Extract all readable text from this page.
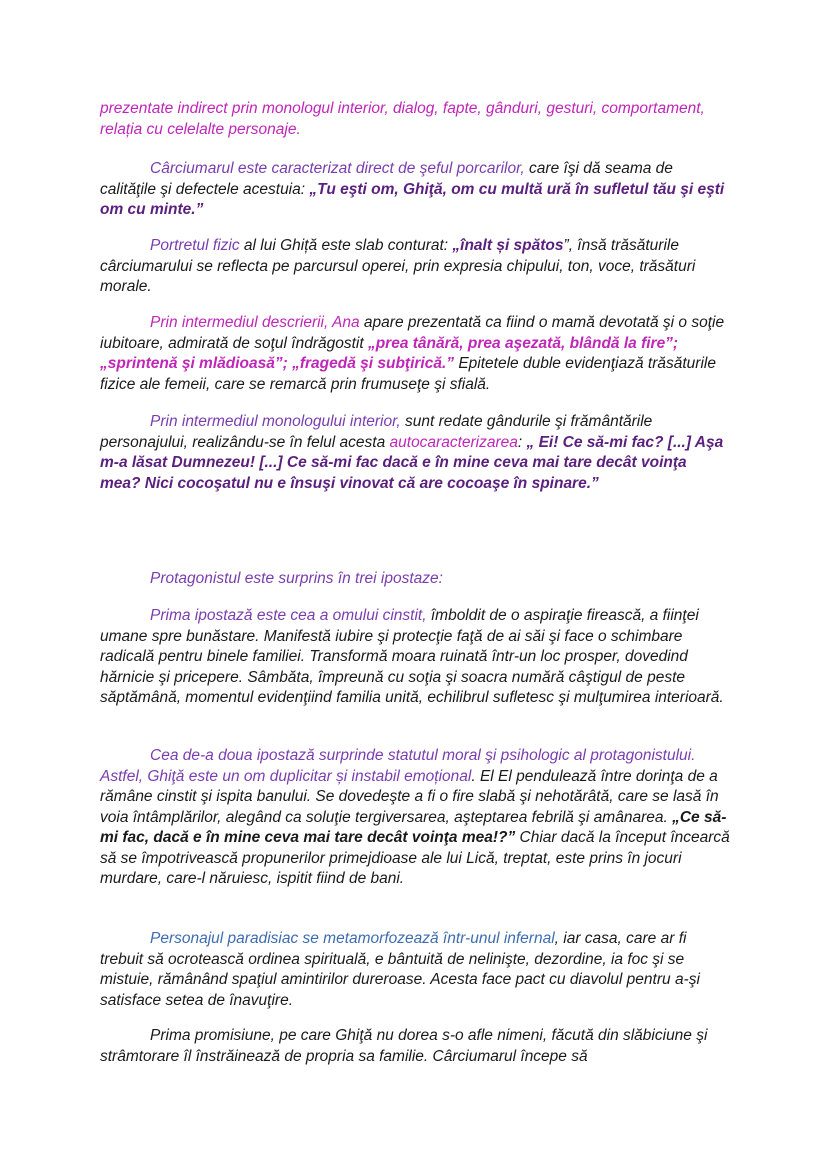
prezentate indirect prin monologul interior, dialog, fapte, gânduri, gesturi, comportament, relația cu celelalte personaje.

Cârciumarul este caracterizat direct de şeful porcarilor, care îşi dă seama de calităţile şi defectele acestuia: „Tu eşti om, Ghiţă, om cu multă ură în sufletul tău şi eşti om cu minte.”

Portretul fizic al lui Ghiță este slab conturat: „înalt și spătos”, însă trăsăturile cârciumarului se reflecta pe parcursul operei, prin expresia chipului, ton, voce, trăsături morale.

Prin intermediul descrierii, Ana apare prezentată ca fiind o mamă devotată şi o soţie iubitoare, admirată de soţul îndrăgostit „prea tânără, prea aşezată, blândă la fire”; „sprintenă şi mlădioasă”; „fragedă şi subţirică.” Epitetele duble evidenţiază trăsăturile fizice ale femeii, care se remarcă prin frumuseţe şi sfială.

Prin intermediul monologului interior, sunt redate gândurile şi frământările personajului, realizându-se în felul acesta autocaracterizarea: „ Ei! Ce să-mi fac? [...] Aşa m-a lăsat Dumnezeu! [...] Ce să-mi fac dacă e în mine ceva mai tare decât voinţa mea? Nici cocoşatul nu e însuşi vinovat că are cocoaşe în spinare.”

Protagonistul este surprins în trei ipostaze:

Prima ipostază este cea a omului cinstit, îmboldit de o aspiraţie firească, a fiinţei umane spre bunăstare. Manifestă iubire şi protecţie faţă de ai săi şi face o schimbare radicală pentru binele familiei. Transformă moara ruinată într-un loc prosper, dovedind hărnicie şi pricepere. Sâmbăta, împreună cu soţia şi soacra numără câştigul de peste săptămână, momentul evidenţiind familia unită, echilibrul sufletesc şi mulţumirea interioară.

Cea de-a doua ipostază surprinde statutul moral şi psihologic al protagonistului. Astfel, Ghiţă este un om duplicitar și instabil emoțional. El El pendulează între dorinţa de a rămâne cinstit şi ispita banului. Se dovedeşte a fi o fire slabă şi nehotărâtă, care se lasă în voia întâmplărilor, alegând ca soluţie tergiversarea, aşteptarea febrilă şi amânarea. „Ce să-mi fac, dacă e în mine ceva mai tare decât voinţa mea!?” Chiar dacă la început încearcă să se împotrivească propunerilor primejdioase ale lui Lică, treptat, este prins în jocuri murdare, care-l năruiesc, ispitit fiind de bani.

Personajul paradisiac se metamorfozează într-unul infernal, iar casa, care ar fi trebuit să ocrotească ordinea spirituală, e bântuită de nelinişte, dezordine, ia foc şi se mistuie, rămânând spaţiul amintirilor dureroase. Acesta face pact cu diavolul pentru a-şi satisface setea de înavuţire.

Prima promisiune, pe care Ghiţă nu dorea s-o afle nimeni, făcută din slăbiciune şi strâmtorare îl înstrăinează de propria sa familie. Cârciumarul începe să
